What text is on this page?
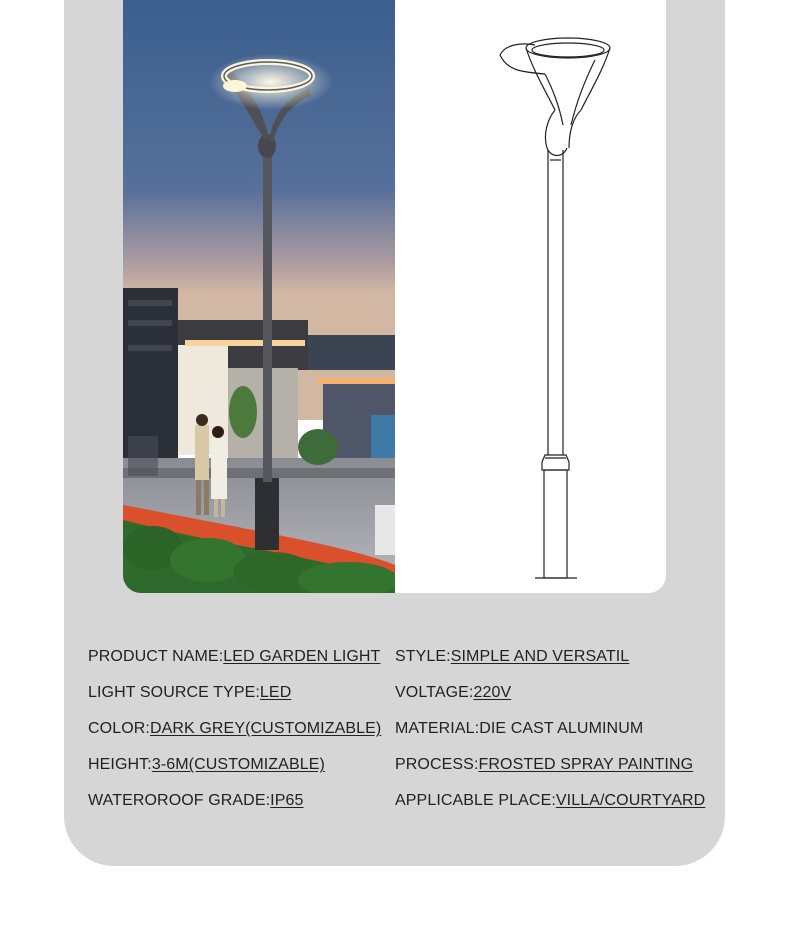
PRODUCT NAME:LED GARDEN LIGHT
LIGHT SOURCE TYPE:LED
COLOR:DARK GREY(CUSTOMIZABLE)
HEIGHT:3-6M(CUSTOMIZABLE)
WATEROROOF GRADE:IP65
STYLE:SIMPLE AND VERSATIL
VOLTAGE:220V
MATERIAL:DIE CAST ALUMINUM
PROCESS:FROSTED SPRAY PAINTING
APPLICABLE PLACE:VILLA/COURTYARD
